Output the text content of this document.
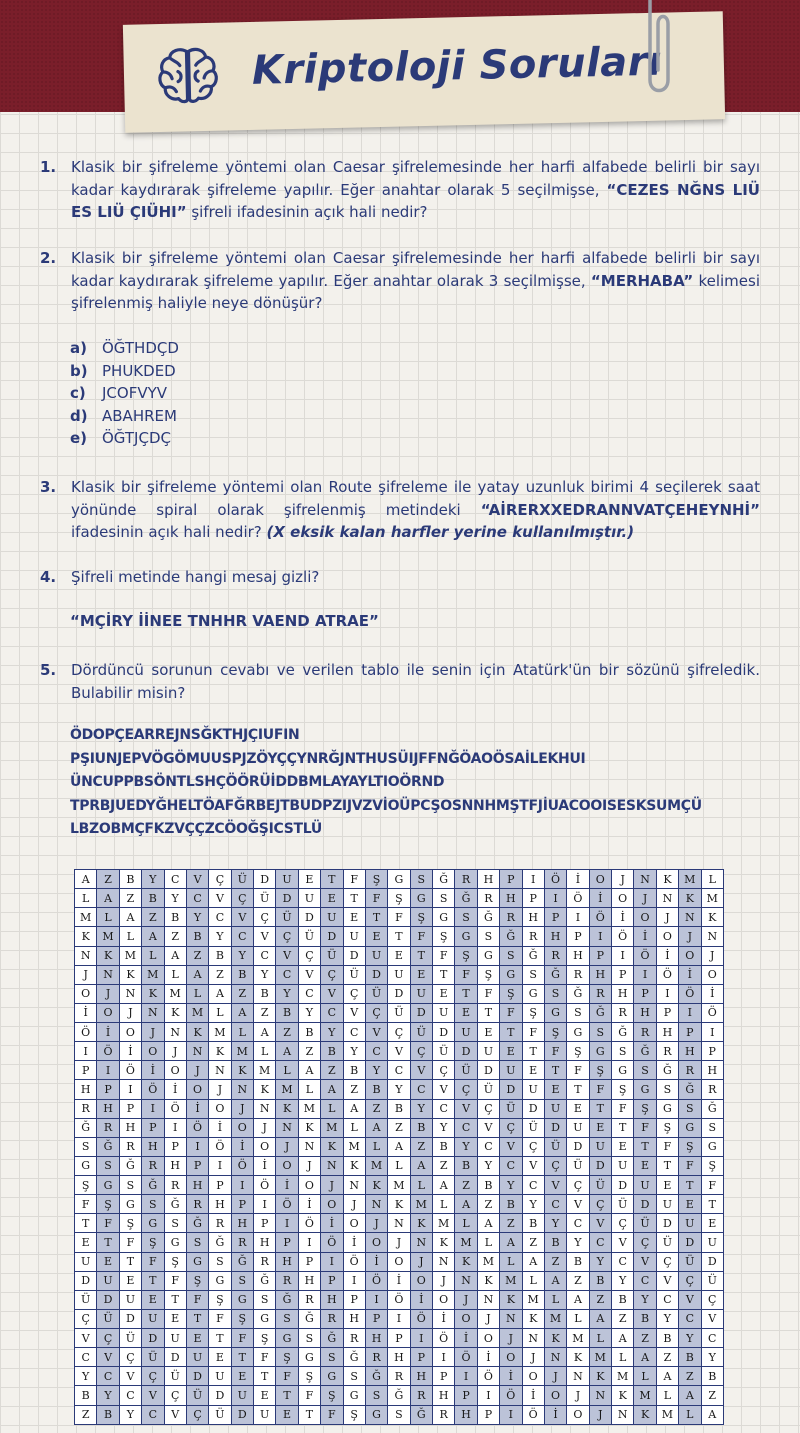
Kriptoloji Soruları
1. Klasik bir şifreleme yöntemi olan Caesar şifrelemesinde her harfi alfabede belirli bir sayı kadar kaydırarak şifreleme yapılır. Eğer anahtar olarak 5 seçilmişse, “CEZES NĞNS LIÜ ES LIÜ ÇIÜHI” şifreli ifadesinin açık hali nedir?
2. Klasik bir şifreleme yöntemi olan Caesar şifrelemesinde her harfi alfabede belirli bir sayı kadar kaydırarak şifreleme yapılır. Eğer anahtar olarak 3 seçilmişse, “MERHABA” kelimesi şifrelenmiş haliyle neye dönüşür?
a) ÖĞTHDÇD
b) PHUKDED
c) JCOFVYV
d) ABAHREM
e) ÖĞTJÇDÇ
3. Klasik bir şifreleme yöntemi olan Route şifreleme ile yatay uzunluk birimi 4 seçilerek saat yönünde spiral olarak şifrelenmiş metindeki “AİRERXXEDRANNVATÇEHEYNHİ” ifadesinin açık hali nedir? (X eksik kalan harfler yerine kullanılmıştır.)
4. Şifreli metinde hangi mesaj gizli?
“MÇİRY İİNEE TNHHR VAEND ATRAE”
5. Dördüncü sorunun cevabı ve verilen tablo ile senin için Atatürk'ün bir sözünü şifreledik. Bulabilir misin?
ÖDOPÇEARREJNSĞKTHJÇIUFIN
PŞIUNJEPVÖGÖMUUSPJZÖYÇÇYNRĞJNTHUSÜIJFFNĞÖAOÖSAİLEKHUI
ÜNCUPPBSÖNTLSHÇÖÖRÜİDDBMLAYAYLTIOÖRND
TPRBJUEDYĞHELTÖAFĞRBEJTBUDPZIJVZVİOÜPCŞOSNNHMŞTFJİUACOOISESKSUMÇÜ
LBZOBMÇFKZVÇÇZCÖOĞŞICSTLÜ
A	Z	B	Y	C	V	Ç	Ü	D	U	E	T	F	Ş	G	S	Ğ	R	H	P	I	Ö	İ	O	J	N	K	M	L
L	A	Z	B	Y	C	V	Ç	Ü	D	U	E	T	F	Ş	G	S	Ğ	R	H	P	I	Ö	İ	O	J	N	K	M
M	L	A	Z	B	Y	C	V	Ç	Ü	D	U	E	T	F	Ş	G	S	Ğ	R	H	P	I	Ö	İ	O	J	N	K
K	M	L	A	Z	B	Y	C	V	Ç	Ü	D	U	E	T	F	Ş	G	S	Ğ	R	H	P	I	Ö	İ	O	J	N
N	K	M	L	A	Z	B	Y	C	V	Ç	Ü	D	U	E	T	F	Ş	G	S	Ğ	R	H	P	I	Ö	İ	O	J
J	N	K	M	L	A	Z	B	Y	C	V	Ç	Ü	D	U	E	T	F	Ş	G	S	Ğ	R	H	P	I	Ö	İ	O
O	J	N	K	M	L	A	Z	B	Y	C	V	Ç	Ü	D	U	E	T	F	Ş	G	S	Ğ	R	H	P	I	Ö	İ
İ	O	J	N	K	M	L	A	Z	B	Y	C	V	Ç	Ü	D	U	E	T	F	Ş	G	S	Ğ	R	H	P	I	Ö
Ö	İ	O	J	N	K	M	L	A	Z	B	Y	C	V	Ç	Ü	D	U	E	T	F	Ş	G	S	Ğ	R	H	P	I
I	Ö	İ	O	J	N	K	M	L	A	Z	B	Y	C	V	Ç	Ü	D	U	E	T	F	Ş	G	S	Ğ	R	H	P
P	I	Ö	İ	O	J	N	K	M	L	A	Z	B	Y	C	V	Ç	Ü	D	U	E	T	F	Ş	G	S	Ğ	R	H
H	P	I	Ö	İ	O	J	N	K	M	L	A	Z	B	Y	C	V	Ç	Ü	D	U	E	T	F	Ş	G	S	Ğ	R
R	H	P	I	Ö	İ	O	J	N	K	M	L	A	Z	B	Y	C	V	Ç	Ü	D	U	E	T	F	Ş	G	S	Ğ
Ğ	R	H	P	I	Ö	İ	O	J	N	K	M	L	A	Z	B	Y	C	V	Ç	Ü	D	U	E	T	F	Ş	G	S
S	Ğ	R	H	P	I	Ö	İ	O	J	N	K	M	L	A	Z	B	Y	C	V	Ç	Ü	D	U	E	T	F	Ş	G
G	S	Ğ	R	H	P	I	Ö	İ	O	J	N	K	M	L	A	Z	B	Y	C	V	Ç	Ü	D	U	E	T	F	Ş
Ş	G	S	Ğ	R	H	P	I	Ö	İ	O	J	N	K	M	L	A	Z	B	Y	C	V	Ç	Ü	D	U	E	T	F
F	Ş	G	S	Ğ	R	H	P	I	Ö	İ	O	J	N	K	M	L	A	Z	B	Y	C	V	Ç	Ü	D	U	E	T
T	F	Ş	G	S	Ğ	R	H	P	I	Ö	İ	O	J	N	K	M	L	A	Z	B	Y	C	V	Ç	Ü	D	U	E
E	T	F	Ş	G	S	Ğ	R	H	P	I	Ö	İ	O	J	N	K	M	L	A	Z	B	Y	C	V	Ç	Ü	D	U
U	E	T	F	Ş	G	S	Ğ	R	H	P	I	Ö	İ	O	J	N	K	M	L	A	Z	B	Y	C	V	Ç	Ü	D
D	U	E	T	F	Ş	G	S	Ğ	R	H	P	I	Ö	İ	O	J	N	K	M	L	A	Z	B	Y	C	V	Ç	Ü
Ü	D	U	E	T	F	Ş	G	S	Ğ	R	H	P	I	Ö	İ	O	J	N	K	M	L	A	Z	B	Y	C	V	Ç
Ç	Ü	D	U	E	T	F	Ş	G	S	Ğ	R	H	P	I	Ö	İ	O	J	N	K	M	L	A	Z	B	Y	C	V
V	Ç	Ü	D	U	E	T	F	Ş	G	S	Ğ	R	H	P	I	Ö	İ	O	J	N	K	M	L	A	Z	B	Y	C
C	V	Ç	Ü	D	U	E	T	F	Ş	G	S	Ğ	R	H	P	I	Ö	İ	O	J	N	K	M	L	A	Z	B	Y
Y	C	V	Ç	Ü	D	U	E	T	F	Ş	G	S	Ğ	R	H	P	I	Ö	İ	O	J	N	K	M	L	A	Z	B
B	Y	C	V	Ç	Ü	D	U	E	T	F	Ş	G	S	Ğ	R	H	P	I	Ö	İ	O	J	N	K	M	L	A	Z
Z	B	Y	C	V	Ç	Ü	D	U	E	T	F	Ş	G	S	Ğ	R	H	P	I	Ö	İ	O	J	N	K	M	L	A
